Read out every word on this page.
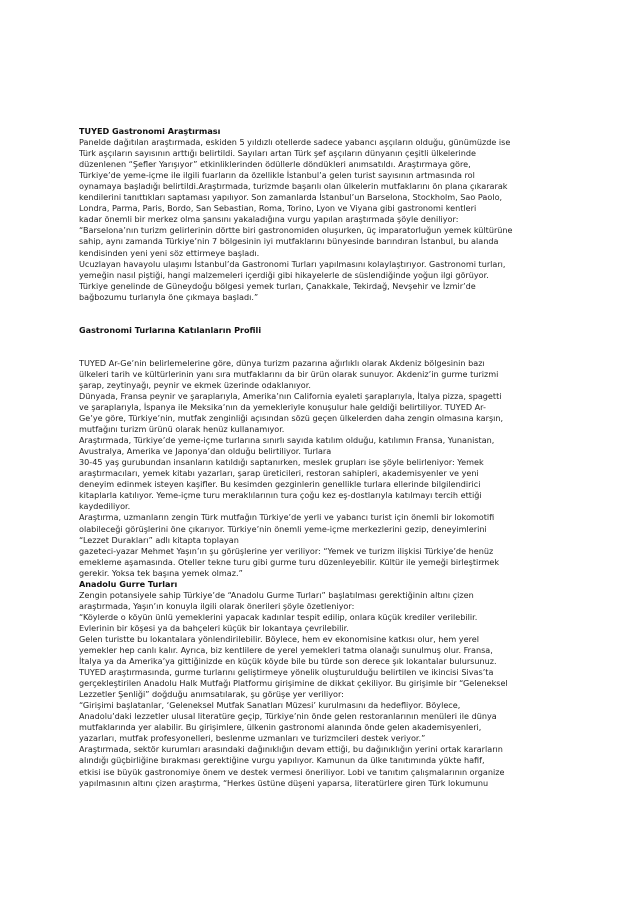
TUYED Gastronomi Araştırması

Panelde dağıtılan araştırmada, eskiden 5 yıldızlı otellerde sadece yabancı aşçıların olduğu, günümüzde ise

Türk aşçıların sayısının arttığı belirtildi. Sayıları artan Türk şef aşçıların dünyanın çeşitli ülkelerinde

düzenlenen “Şefler Yarışıyor” etkinliklerinden ödüllerle döndükleri anımsatıldı. Araştırmaya göre,

Türkiye’de yeme-içme ile ilgili fuarların da özellikle İstanbul’a gelen turist sayısının artmasında rol

oynamaya başladığı belirtildi.Araştırmada, turizmde başarılı olan ülkelerin mutfaklarını ön plana çıkararak

kendilerini tanıttıkları saptaması yapılıyor. Son zamanlarda İstanbul’un Barselona, Stockholm, Sao Paolo,

Londra, Parma, Paris, Bordo, San Sebastian, Roma, Torino, Lyon ve Viyana gibi gastronomi kentleri

kadar önemli bir merkez olma şansını yakaladığına vurgu yapılan araştırmada şöyle deniliyor:

“Barselona’nın turizm gelirlerinin dörtte biri gastronomiden oluşurken, üç imparatorluğun yemek kültürüne

sahip, aynı zamanda Türkiye’nin 7 bölgesinin iyi mutfaklarını bünyesinde barındıran İstanbul, bu alanda

kendisinden yeni yeni söz ettirmeye başladı.

Ucuzlayan havayolu ulaşımı İstanbul’da Gastronomi Turları yapılmasını kolaylaştırıyor. Gastronomi turları,

yemeğin nasıl piştiği, hangi malzemeleri içerdiği gibi hikayelerle de süslendiğinde yoğun ilgi görüyor.

Türkiye genelinde de Güneydoğu bölgesi yemek turları, Çanakkale, Tekirdağ, Nevşehir ve İzmir’de

bağbozumu turlarıyla öne çıkmaya başladı.”

Gastronomi Turlarına Katılanların Profili

TUYED Ar-Ge’nin belirlemelerine göre, dünya turizm pazarına ağırlıklı olarak Akdeniz bölgesinin bazı

ülkeleri tarih ve kültürlerinin yanı sıra mutfaklarını da bir ürün olarak sunuyor. Akdeniz’in gurme turizmi

şarap, zeytinyağı, peynir ve ekmek üzerinde odaklanıyor.

Dünyada, Fransa peynir ve şaraplarıyla, Amerika’nın California eyaleti şaraplarıyla, İtalya pizza, spagetti

ve şaraplarıyla, İspanya ile Meksika’nın da yemekleriyle konuşulur hale geldiği belirtiliyor. TUYED Ar-

Ge’ye göre, Türkiye’nin, mutfak zenginliği açısından sözü geçen ülkelerden daha zengin olmasına karşın,

mutfağını turizm ürünü olarak henüz kullanamıyor.

Araştırmada, Türkiye’de yeme-içme turlarına sınırlı sayıda katılım olduğu, katılımın Fransa, Yunanistan,

Avustralya, Amerika ve Japonya’dan olduğu belirtiliyor. Turlara

30-45 yaş gurubundan insanların katıldığı saptanırken, meslek grupları ise şöyle belirleniyor: Yemek

araştırmacıları, yemek kitabı yazarları, şarap üreticileri, restoran sahipleri, akademisyenler ve yeni

deneyim edinmek isteyen kaşifler. Bu kesimden gezginlerin genellikle turlara ellerinde bilgilendirici

kitaplarla katılıyor. Yeme-içme turu meraklılarının tura çoğu kez eş-dostlarıyla katılmayı tercih ettiği

kaydediliyor.

Araştırma, uzmanların zengin Türk mutfağın Türkiye’de yerli ve yabancı turist için önemli bir lokomotifi

olabileceği görüşlerini öne çıkarıyor. Türkiye’nin önemli yeme-içme merkezlerini gezip, deneyimlerini

“Lezzet Durakları” adlı kitapta toplayan

gazeteci-yazar Mehmet Yaşın’ın şu görüşlerine yer veriliyor: “Yemek ve turizm ilişkisi Türkiye’de henüz

emekleme aşamasında. Oteller tekne turu gibi gurme turu düzenleyebilir. Kültür ile yemeği birleştirmek

gerekir. Yoksa tek başına yemek olmaz.”

Anadolu Gurre Turları

Zengin potansiyele sahip Türkiye’de “Anadolu Gurme Turları” başlatılması gerektiğinin altını çizen

araştırmada, Yaşın’ın konuyla ilgili olarak önerileri şöyle özetleniyor:

“Köylerde o köyün ünlü yemeklerini yapacak kadınlar tespit edilip, onlara küçük krediler verilebilir.

Evlerinin bir köşesi ya da bahçeleri küçük bir lokantaya çevrilebilir.

Gelen turistte bu lokantalara yönlendirilebilir. Böylece, hem ev ekonomisine katkısı olur, hem yerel

yemekler hep canlı kalır. Ayrıca, biz kentlilere de yerel yemekleri tatma olanağı sunulmuş olur. Fransa,

İtalya ya da Amerika’ya gittiğinizde en küçük köyde bile bu türde son derece şık lokantalar bulursunuz.

TUYED araştırmasında, gurme turlarını geliştirmeye yönelik oluşturulduğu belirtilen ve ikincisi Sivas’ta

gerçekleştirilen Anadolu Halk Mutfağı Platformu girişimine de dikkat çekiliyor. Bu girişimle bir “Geleneksel

Lezzetler Şenliği” doğduğu anımsatılarak, şu görüşe yer veriliyor:

“Girişimi başlatanlar, ‘Geleneksel Mutfak Sanatları Müzesi’ kurulmasını da hedefliyor. Böylece,

Anadolu’daki lezzetler ulusal literatüre geçip, Türkiye’nin önde gelen restoranlarının menüleri ile dünya

mutfaklarında yer alabilir. Bu girişimlere, ülkenin gastronomi alanında önde gelen akademisyenleri,

yazarları, mutfak profesyonelleri, beslenme uzmanları ve turizmcileri destek veriyor.”

Araştırmada, sektör kurumları arasındaki dağınıklığın devam ettiği, bu dağınıklığın yerini ortak kararların

alındığı güçbirliğine bırakması gerektiğine vurgu yapılıyor. Kamunun da ülke tanıtımında yükte hafif,

etkisi ise büyük gastronomiye önem ve destek vermesi öneriliyor. Lobi ve tanıtım çalışmalarının organize

yapılmasının altını çizen araştırma, “Herkes üstüne düşeni yaparsa, literatürlere giren Türk lokumunu
